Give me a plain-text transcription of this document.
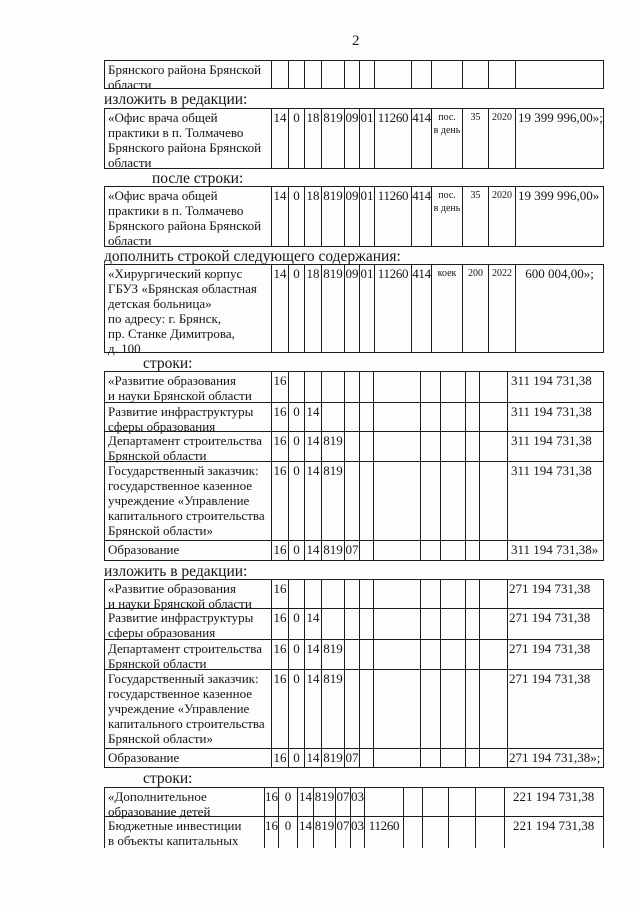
2
Брянского района Брянской
области
изложить в редакции:
«Офис врача общей
практики в п. Толмачево
Брянского района Брянской
области
14 0 18 819 09 01 11260 414 пос.
в день
35	2020 19 399 996,00»;
после строки:
«Офис врача общей
практики в п. Толмачево
Брянского района Брянской
области
14 0 18 819 09 01 11260 414 пос.
в день
35	2020 19 399 996,00»
дополнить строкой следующего содержания:
«Хирургический корпус
ГБУЗ «Брянская областная
детская больница»
по адресу: г. Брянск,
пр. Станке Димитрова,
д. 100
14 0 18 819 09 01 11260 414 коек	200 2022	600 004,00»;
строки:
«Развитие образования
и науки Брянской области
16	311 194 731,38
Развитие инфраструктуры
сферы образования
16 0 14	311 194 731,38
Департамент строительства
Брянской области
16 0 14 819	311 194 731,38
Государственный заказчик:
государственное казенное
учреждение «Управление
капитального строительства
Брянской области»
16 0 14 819	311 194 731,38
Образование	16 0 14 819 07	311 194 731,38»
изложить в редакции:
«Развитие образования
и науки Брянской области
16	271 194 731,38
Развитие инфраструктуры
сферы образования
16 0 14	271 194 731,38
Департамент строительства
Брянской области
16 0 14 819	271 194 731,38
Государственный заказчик:
государственное казенное
учреждение «Управление
капитального строительства
Брянской области»
16 0 14 819	271 194 731,38
Образование	16 0 14 819 07	271 194 731,38»;
строки:
«Дополнительное
образование детей
16 0 14 819 07 03	221 194 731,38
Бюджетные инвестиции
в объекты капитальных
16 0 14 819 07 03 11260	221 194 731,38
